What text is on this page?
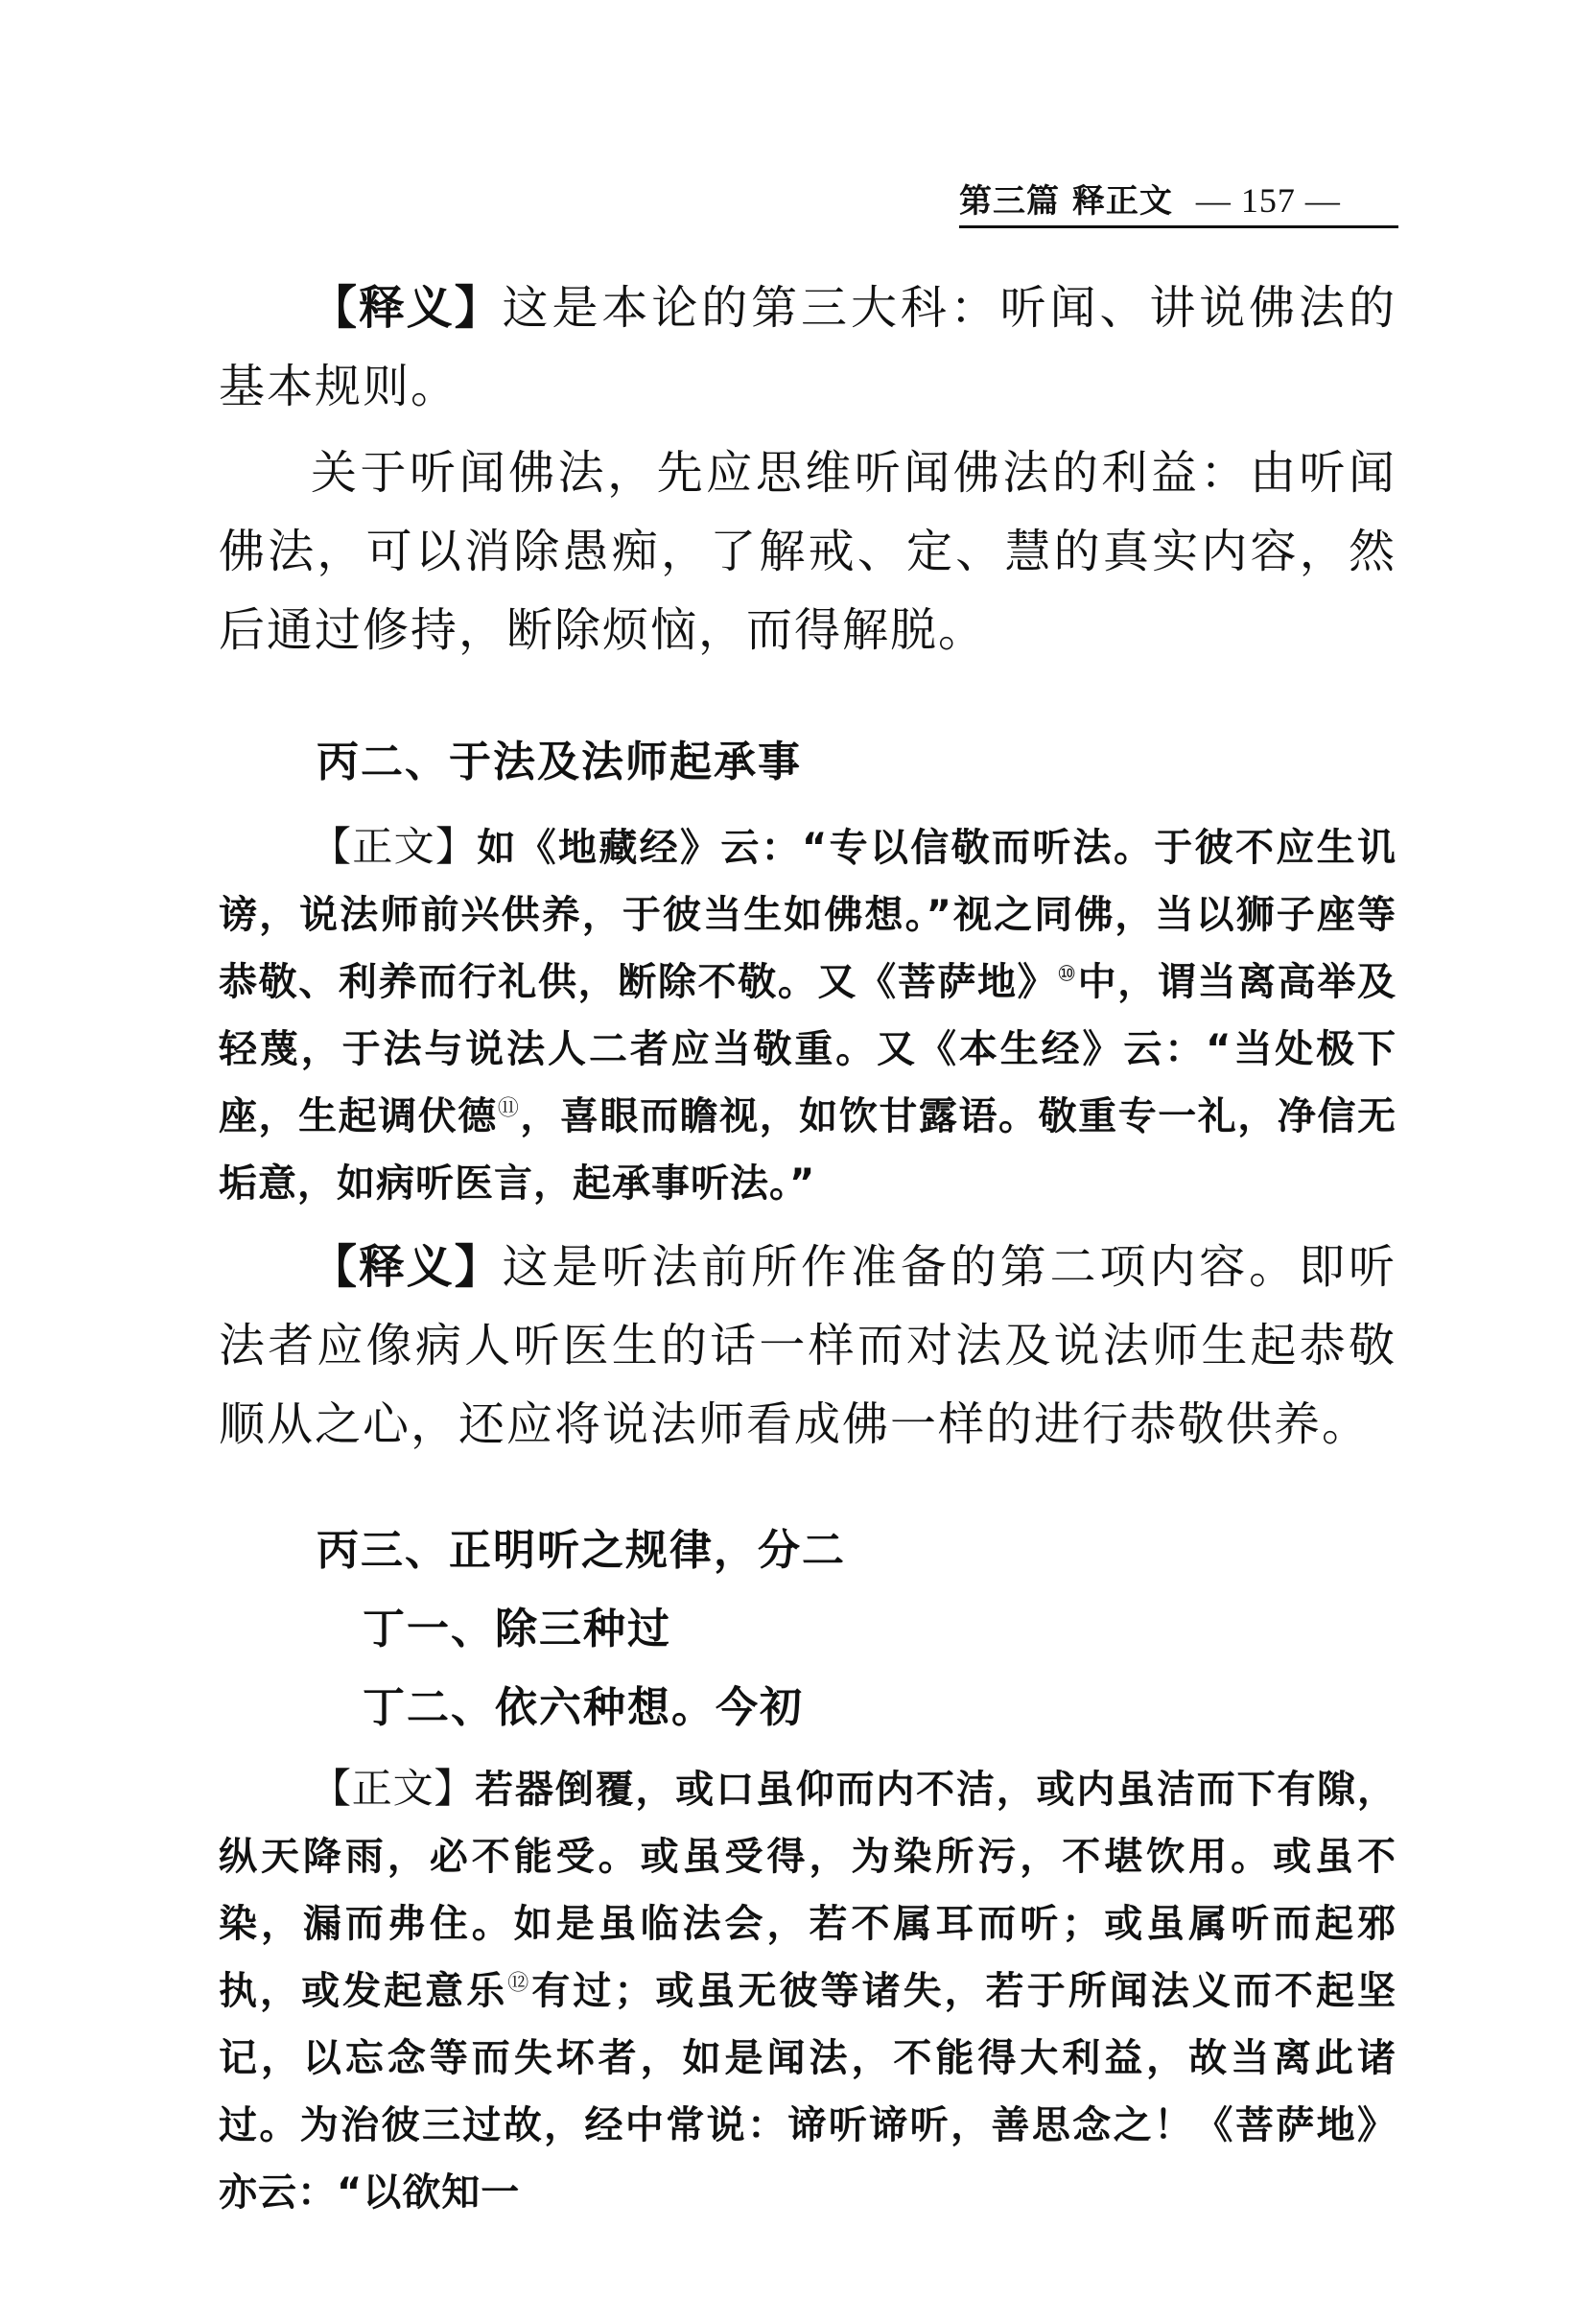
第三篇 释正文 — 157 —

【释义】这是本论的第三大科：听闻、讲说佛法的基本规则。

关于听闻佛法，先应思维听闻佛法的利益：由听闻佛法，可以消除愚痴，了解戒、定、慧的真实内容，然后通过修持，断除烦恼，而得解脱。

丙二、于法及法师起承事

【正文】如《地藏经》云：“专以信敬而听法。于彼不应生讥谤，说法师前兴供养，于彼当生如佛想。”视之同佛，当以狮子座等恭敬、利养而行礼供，断除不敬。又《菩萨地》⑩中，谓当离高举及轻蔑，于法与说法人二者应当敬重。又《本生经》云：“当处极下座，生起调伏德⑪，喜眼而瞻视，如饮甘露语。敬重专一礼，净信无垢意，如病听医言，起承事听法。”

【释义】这是听法前所作准备的第二项内容。即听法者应像病人听医生的话一样而对法及说法师生起恭敬顺从之心，还应将说法师看成佛一样的进行恭敬供养。

丙三、正明听之规律，分二

丁一、除三种过

丁二、依六种想。今初

【正文】若器倒覆，或口虽仰而内不洁，或内虽洁而下有隙，纵天降雨，必不能受。或虽受得，为染所污，不堪饮用。或虽不染，漏而弗住。如是虽临法会，若不属耳而听；或虽属听而起邪执，或发起意乐⑫有过；或虽无彼等诸失，若于所闻法义而不起坚记，以忘念等而失坏者，如是闻法，不能得大利益，故当离此诸过。为治彼三过故，经中常说：谛听谛听，善思念之！《菩萨地》亦云：“以欲知一
